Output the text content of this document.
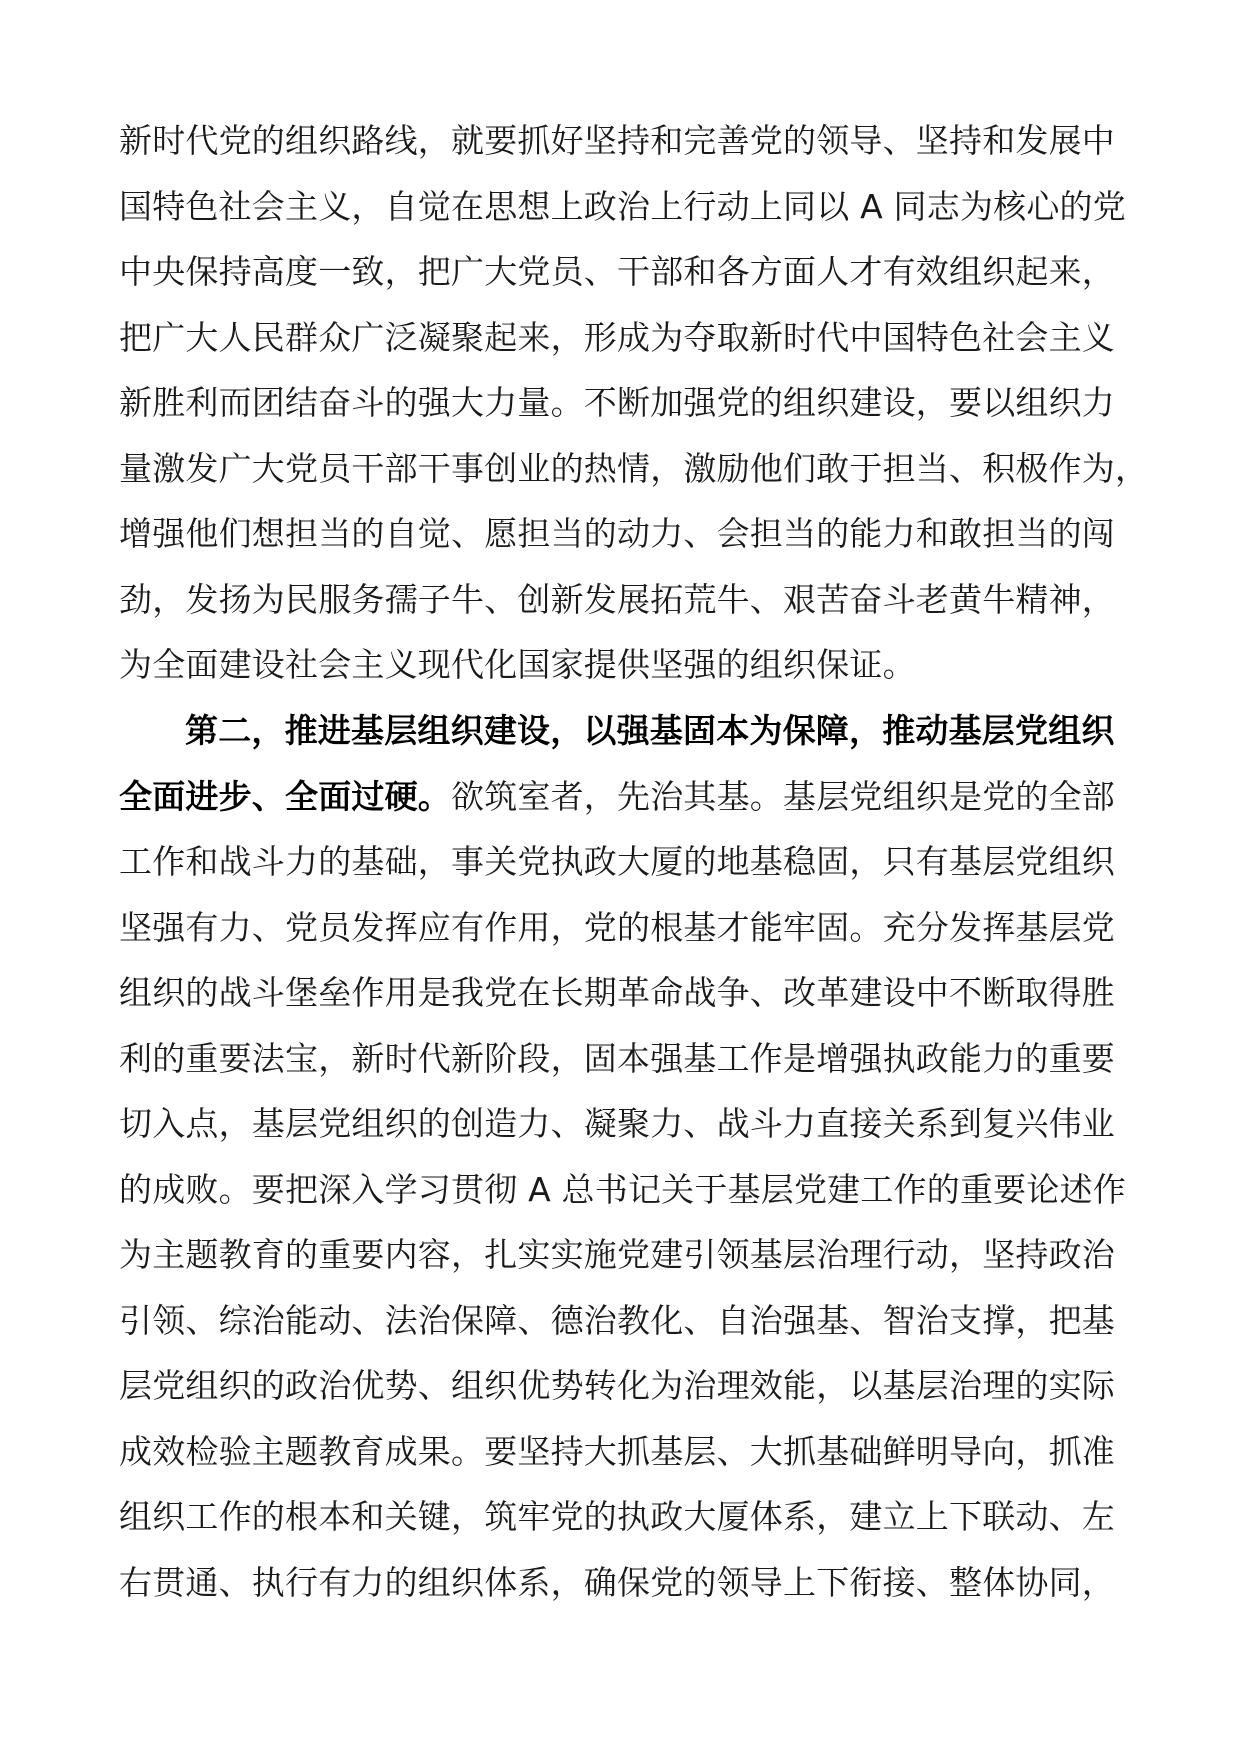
新时代党的组织路线，就要抓好坚持和完善党的领导、坚持和发展中
国特色社会主义，自觉在思想上政治上行动上同以 A 同志为核心的党
中央保持高度一致，把广大党员、干部和各方面人才有效组织起来，
把广大人民群众广泛凝聚起来，形成为夺取新时代中国特色社会主义
新胜利而团结奋斗的强大力量。不断加强党的组织建设，要以组织力
量激发广大党员干部干事创业的热情，激励他们敢于担当、积极作为，
增强他们想担当的自觉、愿担当的动力、会担当的能力和敢担当的闯
劲，发扬为民服务孺子牛、创新发展拓荒牛、艰苦奋斗老黄牛精神，
为全面建设社会主义现代化国家提供坚强的组织保证。
第二，推进基层组织建设，以强基固本为保障，推动基层党组织
全面进步、全面过硬。欲筑室者，先治其基。基层党组织是党的全部
工作和战斗力的基础，事关党执政大厦的地基稳固，只有基层党组织
坚强有力、党员发挥应有作用，党的根基才能牢固。充分发挥基层党
组织的战斗堡垒作用是我党在长期革命战争、改革建设中不断取得胜
利的重要法宝，新时代新阶段，固本强基工作是增强执政能力的重要
切入点，基层党组织的创造力、凝聚力、战斗力直接关系到复兴伟业
的成败。要把深入学习贯彻 A 总书记关于基层党建工作的重要论述作
为主题教育的重要内容，扎实实施党建引领基层治理行动，坚持政治
引领、综治能动、法治保障、德治教化、自治强基、智治支撑，把基
层党组织的政治优势、组织优势转化为治理效能，以基层治理的实际
成效检验主题教育成果。要坚持大抓基层、大抓基础鲜明导向，抓准
组织工作的根本和关键，筑牢党的执政大厦体系，建立上下联动、左
右贯通、执行有力的组织体系，确保党的领导上下衔接、整体协同，
